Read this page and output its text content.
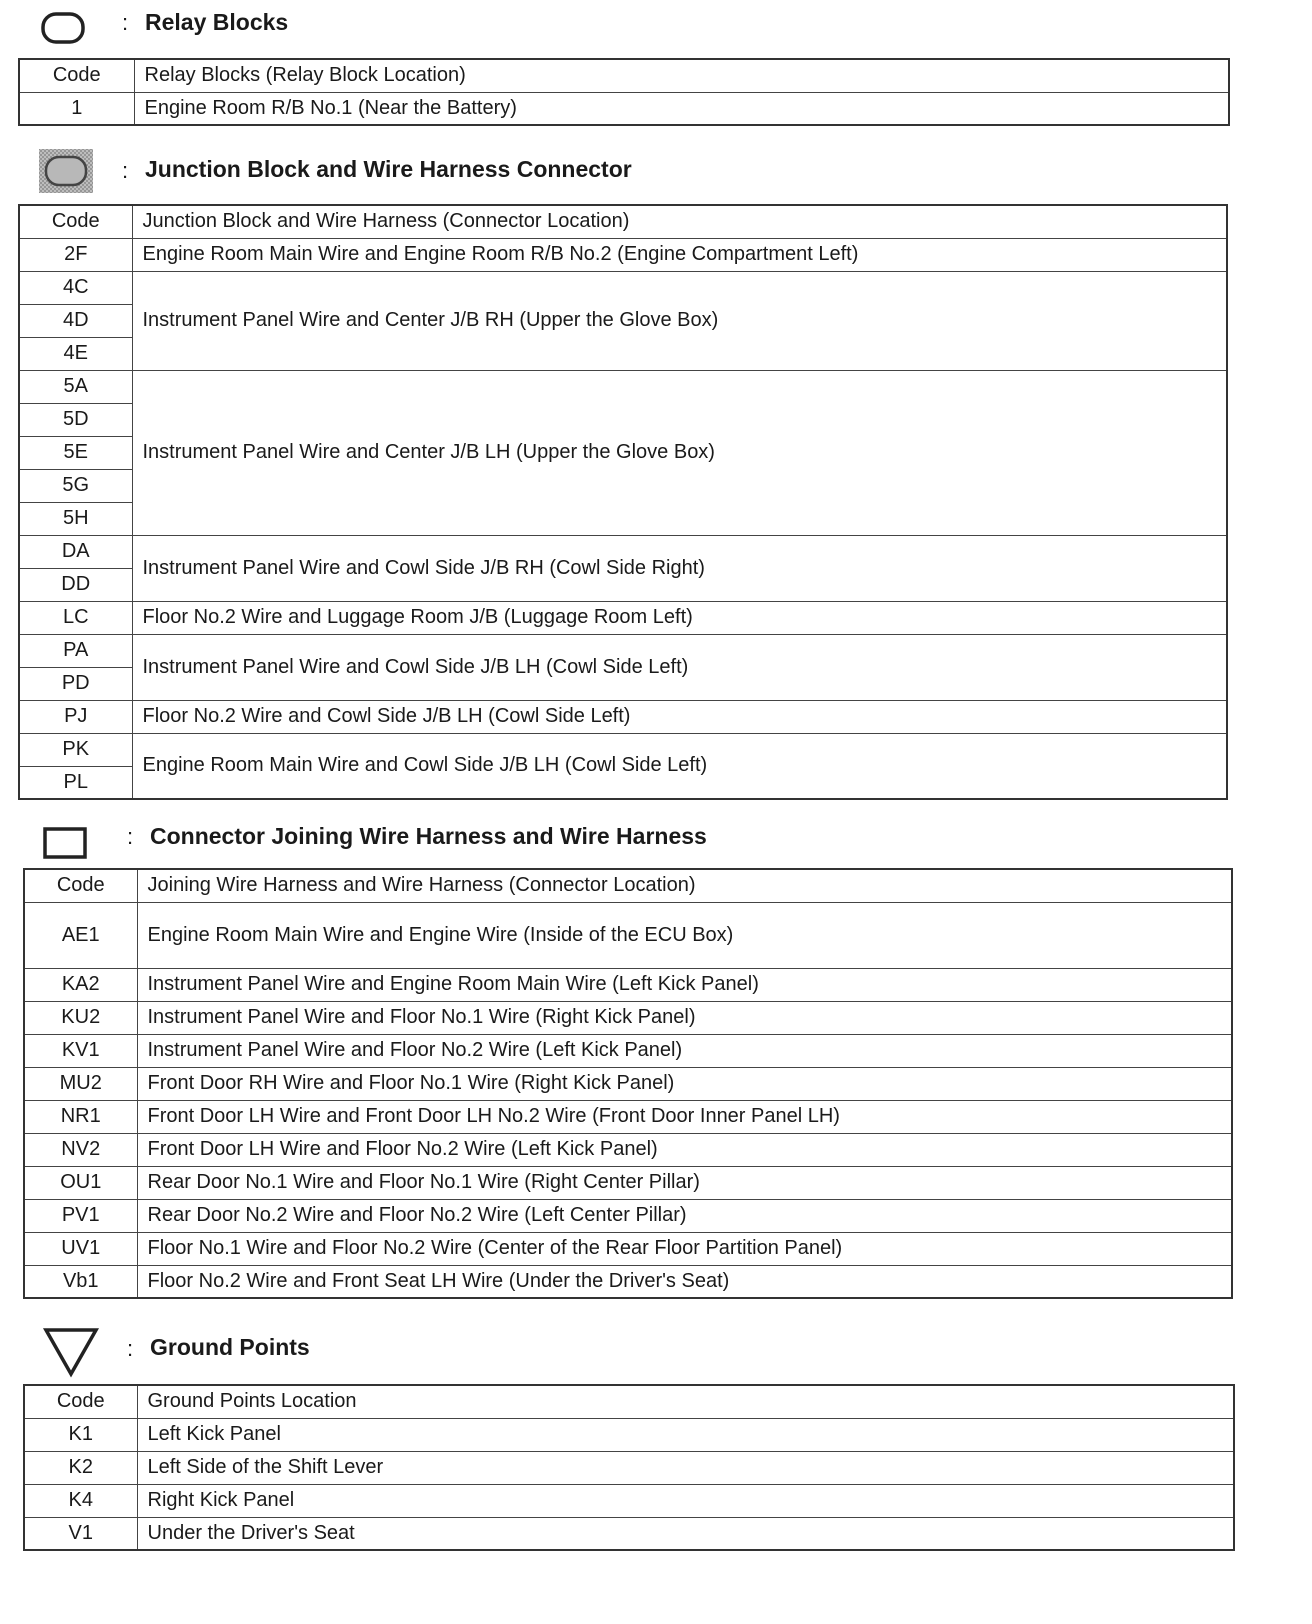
: Relay Blocks
Code	Relay Blocks (Relay Block Location)
1	Engine Room R/B No.1 (Near the Battery)
: Junction Block and Wire Harness Connector
Code	Junction Block and Wire Harness (Connector Location)
2F	Engine Room Main Wire and Engine Room R/B No.2 (Engine Compartment Left)
4C	Instrument Panel Wire and Center J/B RH (Upper the Glove Box)
4D	
4E	
5A	Instrument Panel Wire and Center J/B LH (Upper the Glove Box)
5D	
5E	
5G	
5H	
DA	Instrument Panel Wire and Cowl Side J/B RH (Cowl Side Right)
DD	
LC	Floor No.2 Wire and Luggage Room J/B (Luggage Room Left)
PA	Instrument Panel Wire and Cowl Side J/B LH (Cowl Side Left)
PD	
PJ	Floor No.2 Wire and Cowl Side J/B LH (Cowl Side Left)
PK	Engine Room Main Wire and Cowl Side J/B LH (Cowl Side Left)
PL	
: Connector Joining Wire Harness and Wire Harness
Code	Joining Wire Harness and Wire Harness (Connector Location)
AE1	Engine Room Main Wire and Engine Wire (Inside of the ECU Box)
KA2	Instrument Panel Wire and Engine Room Main Wire (Left Kick Panel)
KU2	Instrument Panel Wire and Floor No.1 Wire (Right Kick Panel)
KV1	Instrument Panel Wire and Floor No.2 Wire (Left Kick Panel)
MU2	Front Door RH Wire and Floor No.1 Wire (Right Kick Panel)
NR1	Front Door LH Wire and Front Door LH No.2 Wire (Front Door Inner Panel LH)
NV2	Front Door LH Wire and Floor No.2 Wire (Left Kick Panel)
OU1	Rear Door No.1 Wire and Floor No.1 Wire (Right Center Pillar)
PV1	Rear Door No.2 Wire and Floor No.2 Wire (Left Center Pillar)
UV1	Floor No.1 Wire and Floor No.2 Wire (Center of the Rear Floor Partition Panel)
Vb1	Floor No.2 Wire and Front Seat LH Wire (Under the Driver's Seat)
: Ground Points
Code	Ground Points Location
K1	Left Kick Panel
K2	Left Side of the Shift Lever
K4	Right Kick Panel
V1	Under the Driver's Seat
